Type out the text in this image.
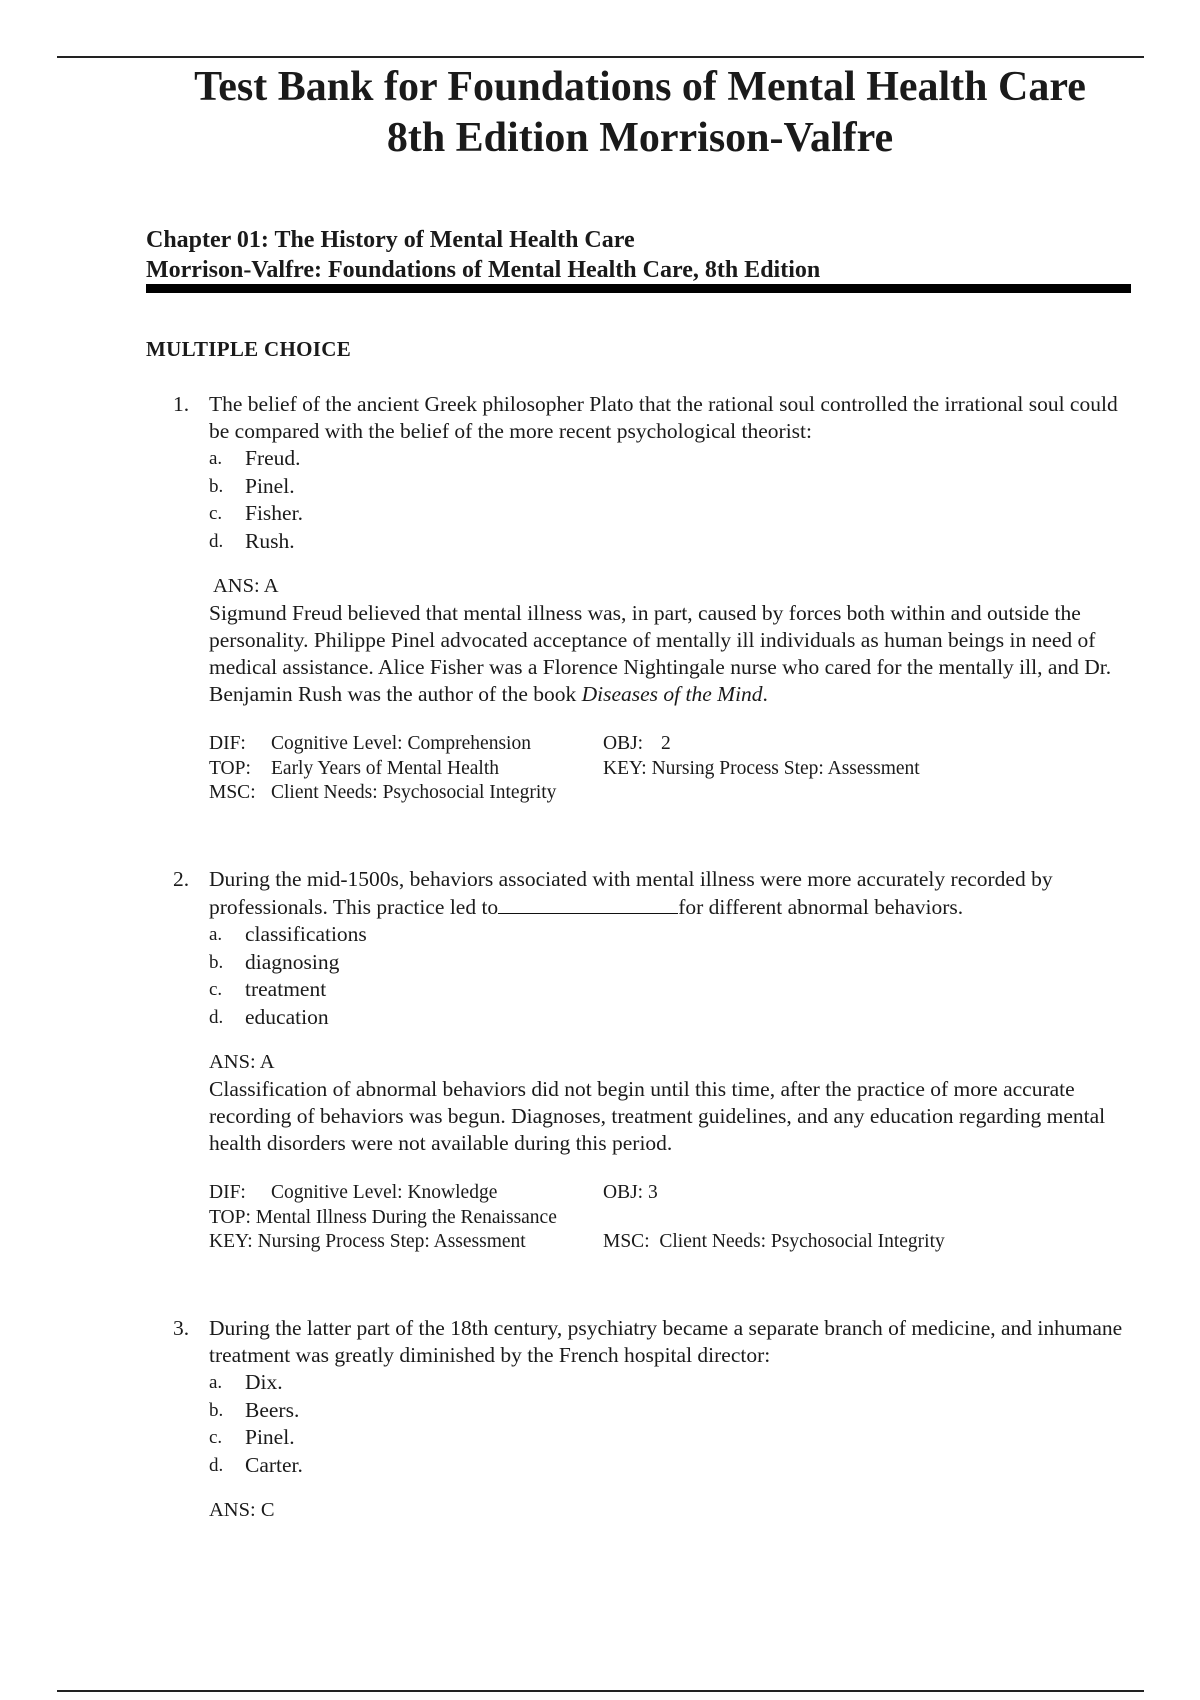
Test Bank for Foundations of Mental Health Care
8th Edition Morrison-Valfre
Chapter 01: The History of Mental Health Care
Morrison-Valfre: Foundations of Mental Health Care, 8th Edition
MULTIPLE CHOICE
1. The belief of the ancient Greek philosopher Plato that the rational soul controlled the irrational soul could be compared with the belief of the more recent psychological theorist:

a.	Freud.
b.	Pinel.
c.	Fisher.
d.	Rush.
ANS: A

Sigmund Freud believed that mental illness was, in part, caused by forces both within and outside the personality. Philippe Pinel advocated acceptance of mentally ill individuals as human beings in need of medical assistance. Alice Fisher was a Florence Nightingale nurse who cared for the mentally ill, and Dr. Benjamin Rush was the author of the book Diseases of the Mind.

DIF: Cognitive Level: Comprehension	OBJ: 2
TOP: Early Years of Mental Health	KEY: Nursing Process Step: Assessment
MSC: Client Needs: Psychosocial Integrity
2. During the mid-1500s, behaviors associated with mental illness were more accurately recorded by professionals. This practice led to	for different abnormal behaviors.

a.	classifications
b.	diagnosing
c.	treatment
d.	education
ANS: A

Classification of abnormal behaviors did not begin until this time, after the practice of more accurate recording of behaviors was begun. Diagnoses, treatment guidelines, and any education regarding mental health disorders were not available during this period.

DIF: Cognitive Level: Knowledge	OBJ: 3
TOP: Mental Illness During the Renaissance
KEY: Nursing Process Step: Assessment	MSC: Client Needs: Psychosocial Integrity
3. During the latter part of the 18th century, psychiatry became a separate branch of medicine, and inhumane treatment was greatly diminished by the French hospital director:

a.	Dix.
b.	Beers.
c.	Pinel.
d.	Carter.
ANS: C
